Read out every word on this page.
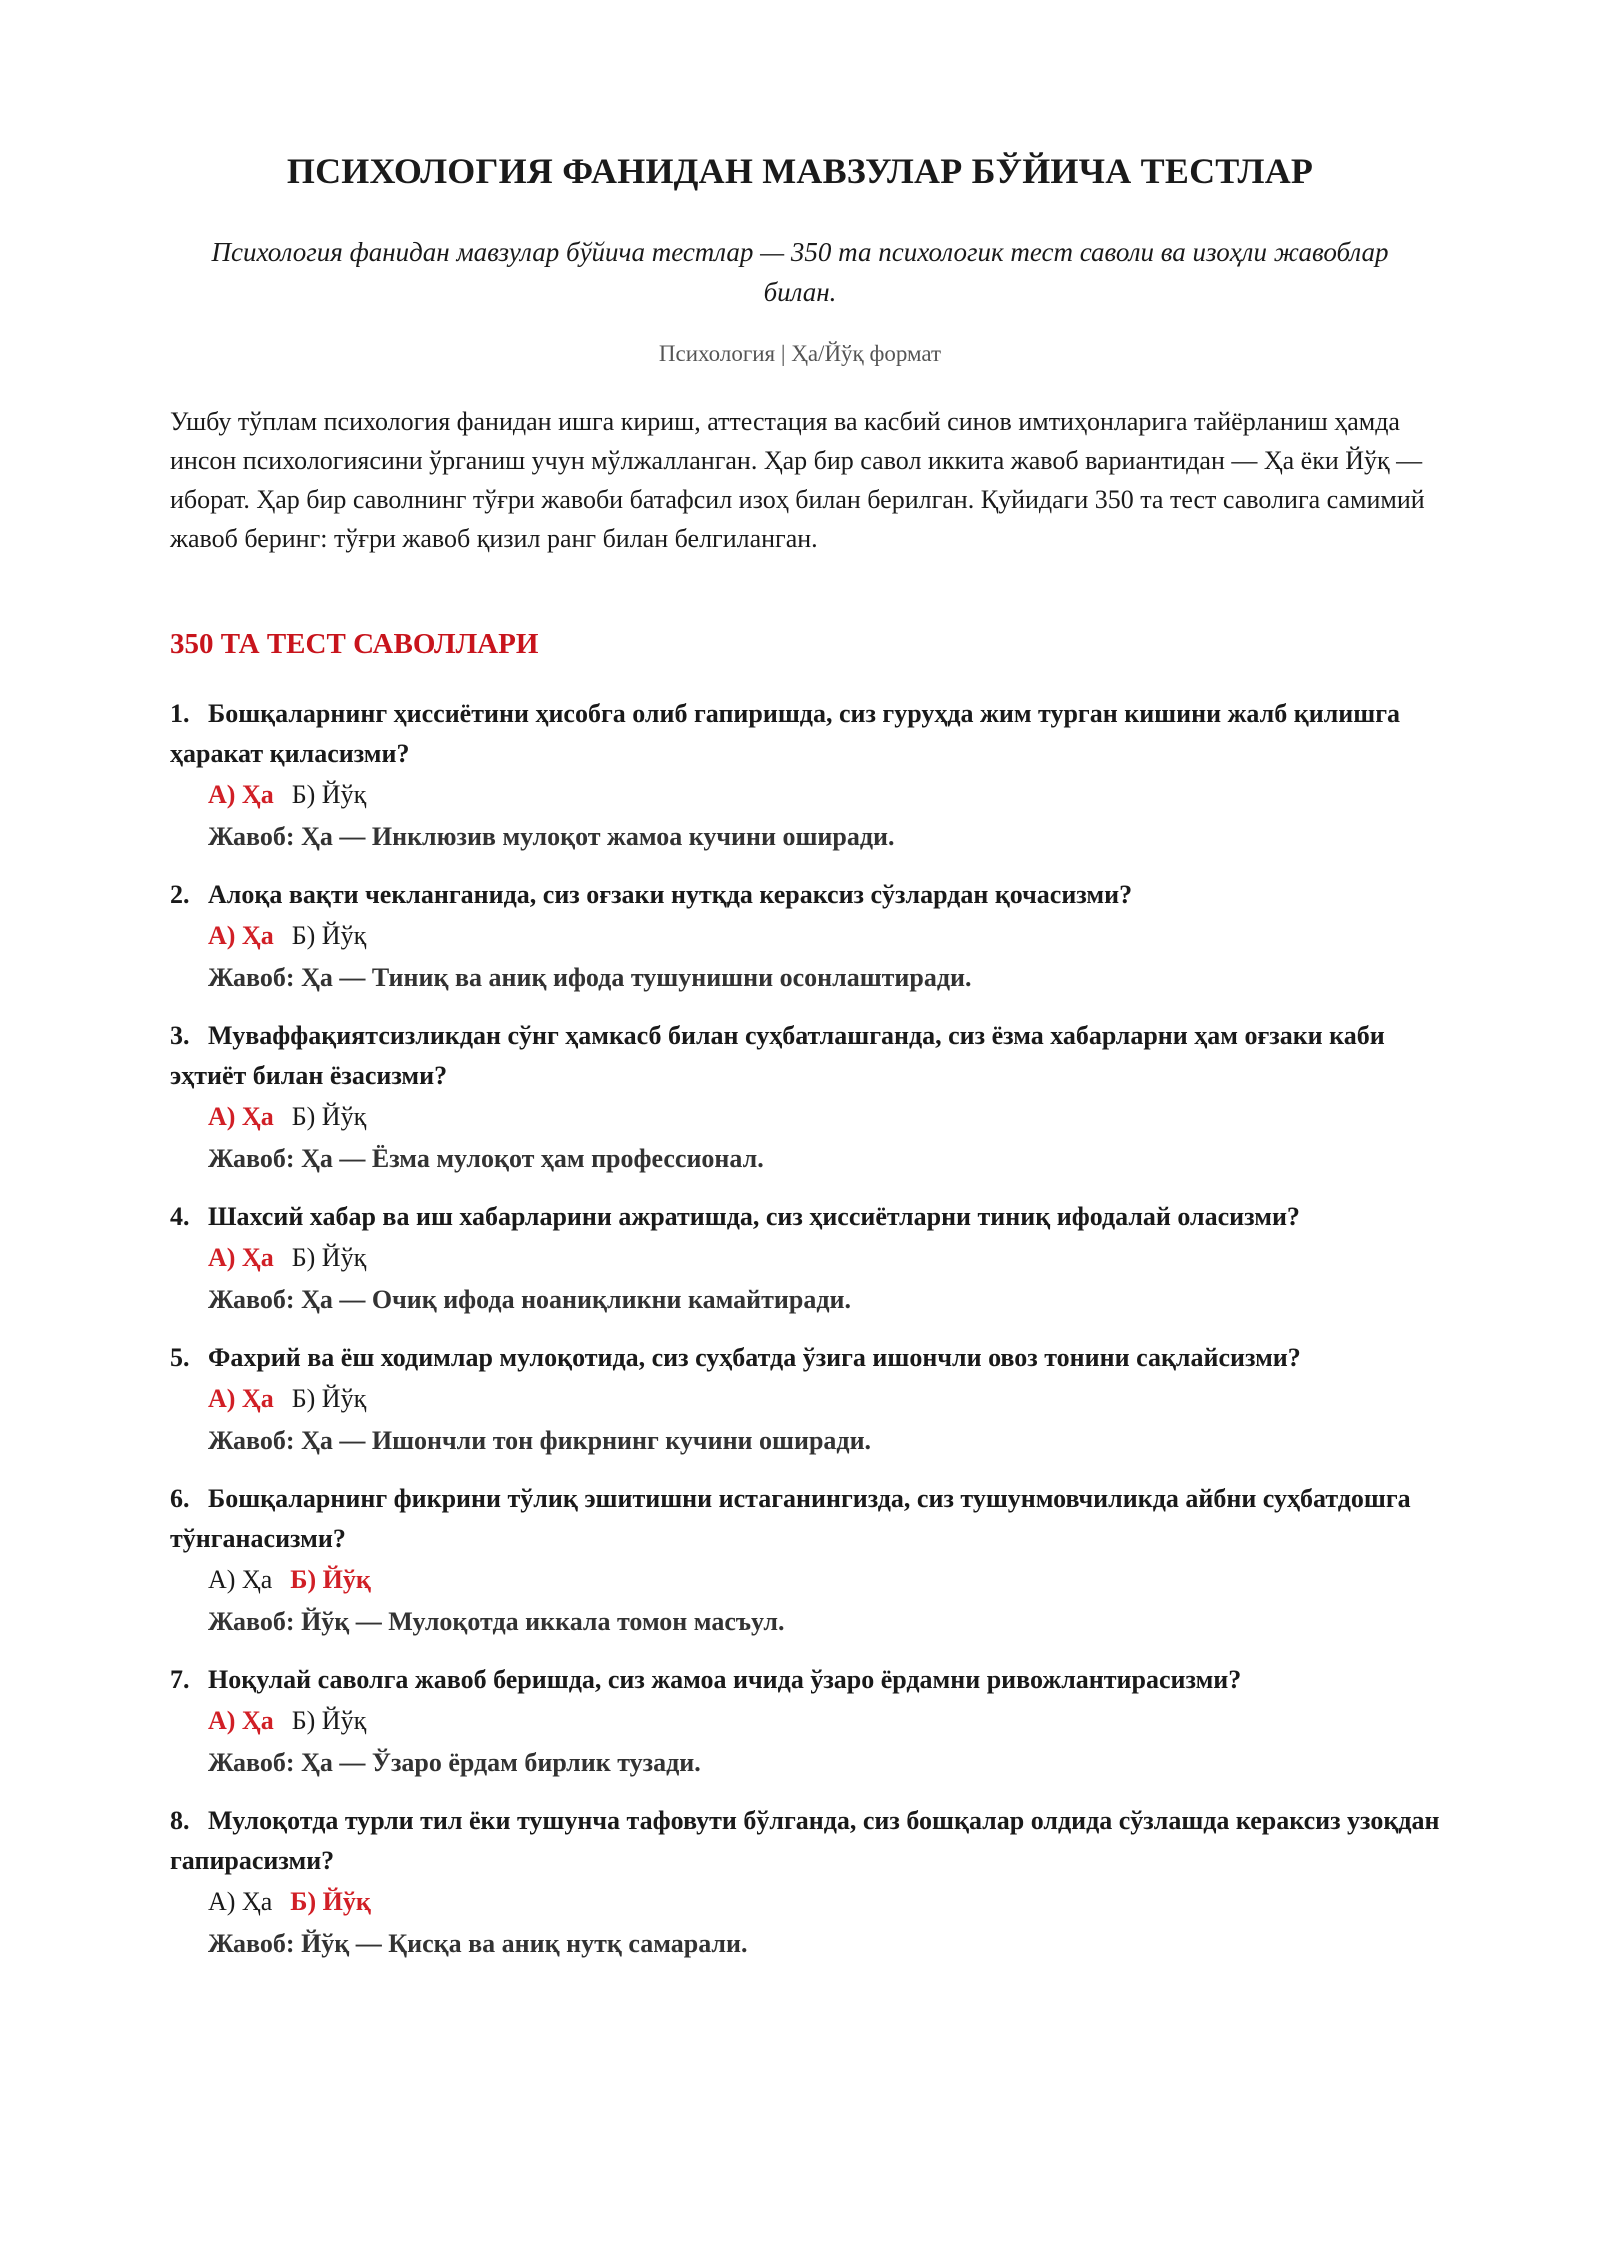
ПСИХОЛОГИЯ ФАНИДАН МАВЗУЛАР БЎЙИЧА ТЕСТЛАР
Психология фанидан мавзулар бўйича тестлар — 350 та психологик тест саволи ва изоҳли жавоблар билан.
Психология | Ҳа/Йўқ формат
Ушбу тўплам психология фанидан ишга кириш, аттестация ва касбий синов имтиҳонларига тайёрланиш ҳамда инсон психологиясини ўрганиш учун мўлжалланган. Ҳар бир савол иккита жавоб вариантидан — Ҳа ёки Йўқ — иборат. Ҳар бир саволнинг тўғри жавоби батафсил изоҳ билан берилган. Қуйидаги 350 та тест саволига самимий жавоб беринг: тўғри жавоб қизил ранг билан белгиланган.
350 ТА ТЕСТ САВОЛЛАРИ
1. Бошқаларнинг ҳиссиётини ҳисобга олиб гапиришда, сиз гуруҳда жим турган кишини жалб қилишга ҳаракат қиласизми?
А) Ҳа Б) Йўқ
Жавоб: Ҳа — Инклюзив мулоқот жамоа кучини оширади.
2. Алоқа вақти чекланганида, сиз оғзаки нутқда кераксиз сўзлардан қочасизми?
А) Ҳа Б) Йўқ
Жавоб: Ҳа — Тиниқ ва аниқ ифода тушунишни осонлаштиради.
3. Муваффақиятсизликдан сўнг ҳамкасб билан суҳбатлашганда, сиз ёзма хабарларни ҳам оғзаки каби эҳтиёт билан ёзасизми?
А) Ҳа Б) Йўқ
Жавоб: Ҳа — Ёзма мулоқот ҳам профессионал.
4. Шахсий хабар ва иш хабарларини ажратишда, сиз ҳиссиётларни тиниқ ифодалай оласизми?
А) Ҳа Б) Йўқ
Жавоб: Ҳа — Очиқ ифода ноаниқликни камайтиради.
5. Фахрий ва ёш ходимлар мулоқотида, сиз суҳбатда ўзига ишончли овоз тонини сақлайсизми?
А) Ҳа Б) Йўқ
Жавоб: Ҳа — Ишончли тон фикрнинг кучини оширади.
6. Бошқаларнинг фикрини тўлиқ эшитишни истаганингизда, сиз тушунмовчиликда айбни суҳбатдошга тўнганасизми?
А) Ҳа Б) Йўқ
Жавоб: Йўқ — Мулоқотда иккала томон масъул.
7. Ноқулай саволга жавоб беришда, сиз жамоа ичида ўзаро ёрдамни ривожлантирасизми?
А) Ҳа Б) Йўқ
Жавоб: Ҳа — Ўзаро ёрдам бирлик тузади.
8. Мулоқотда турли тил ёки тушунча тафовути бўлганда, сиз бошқалар олдида сўзлашда кераксиз узоқдан гапирасизми?
А) Ҳа Б) Йўқ
Жавоб: Йўқ — Қисқа ва аниқ нутқ самарали.
